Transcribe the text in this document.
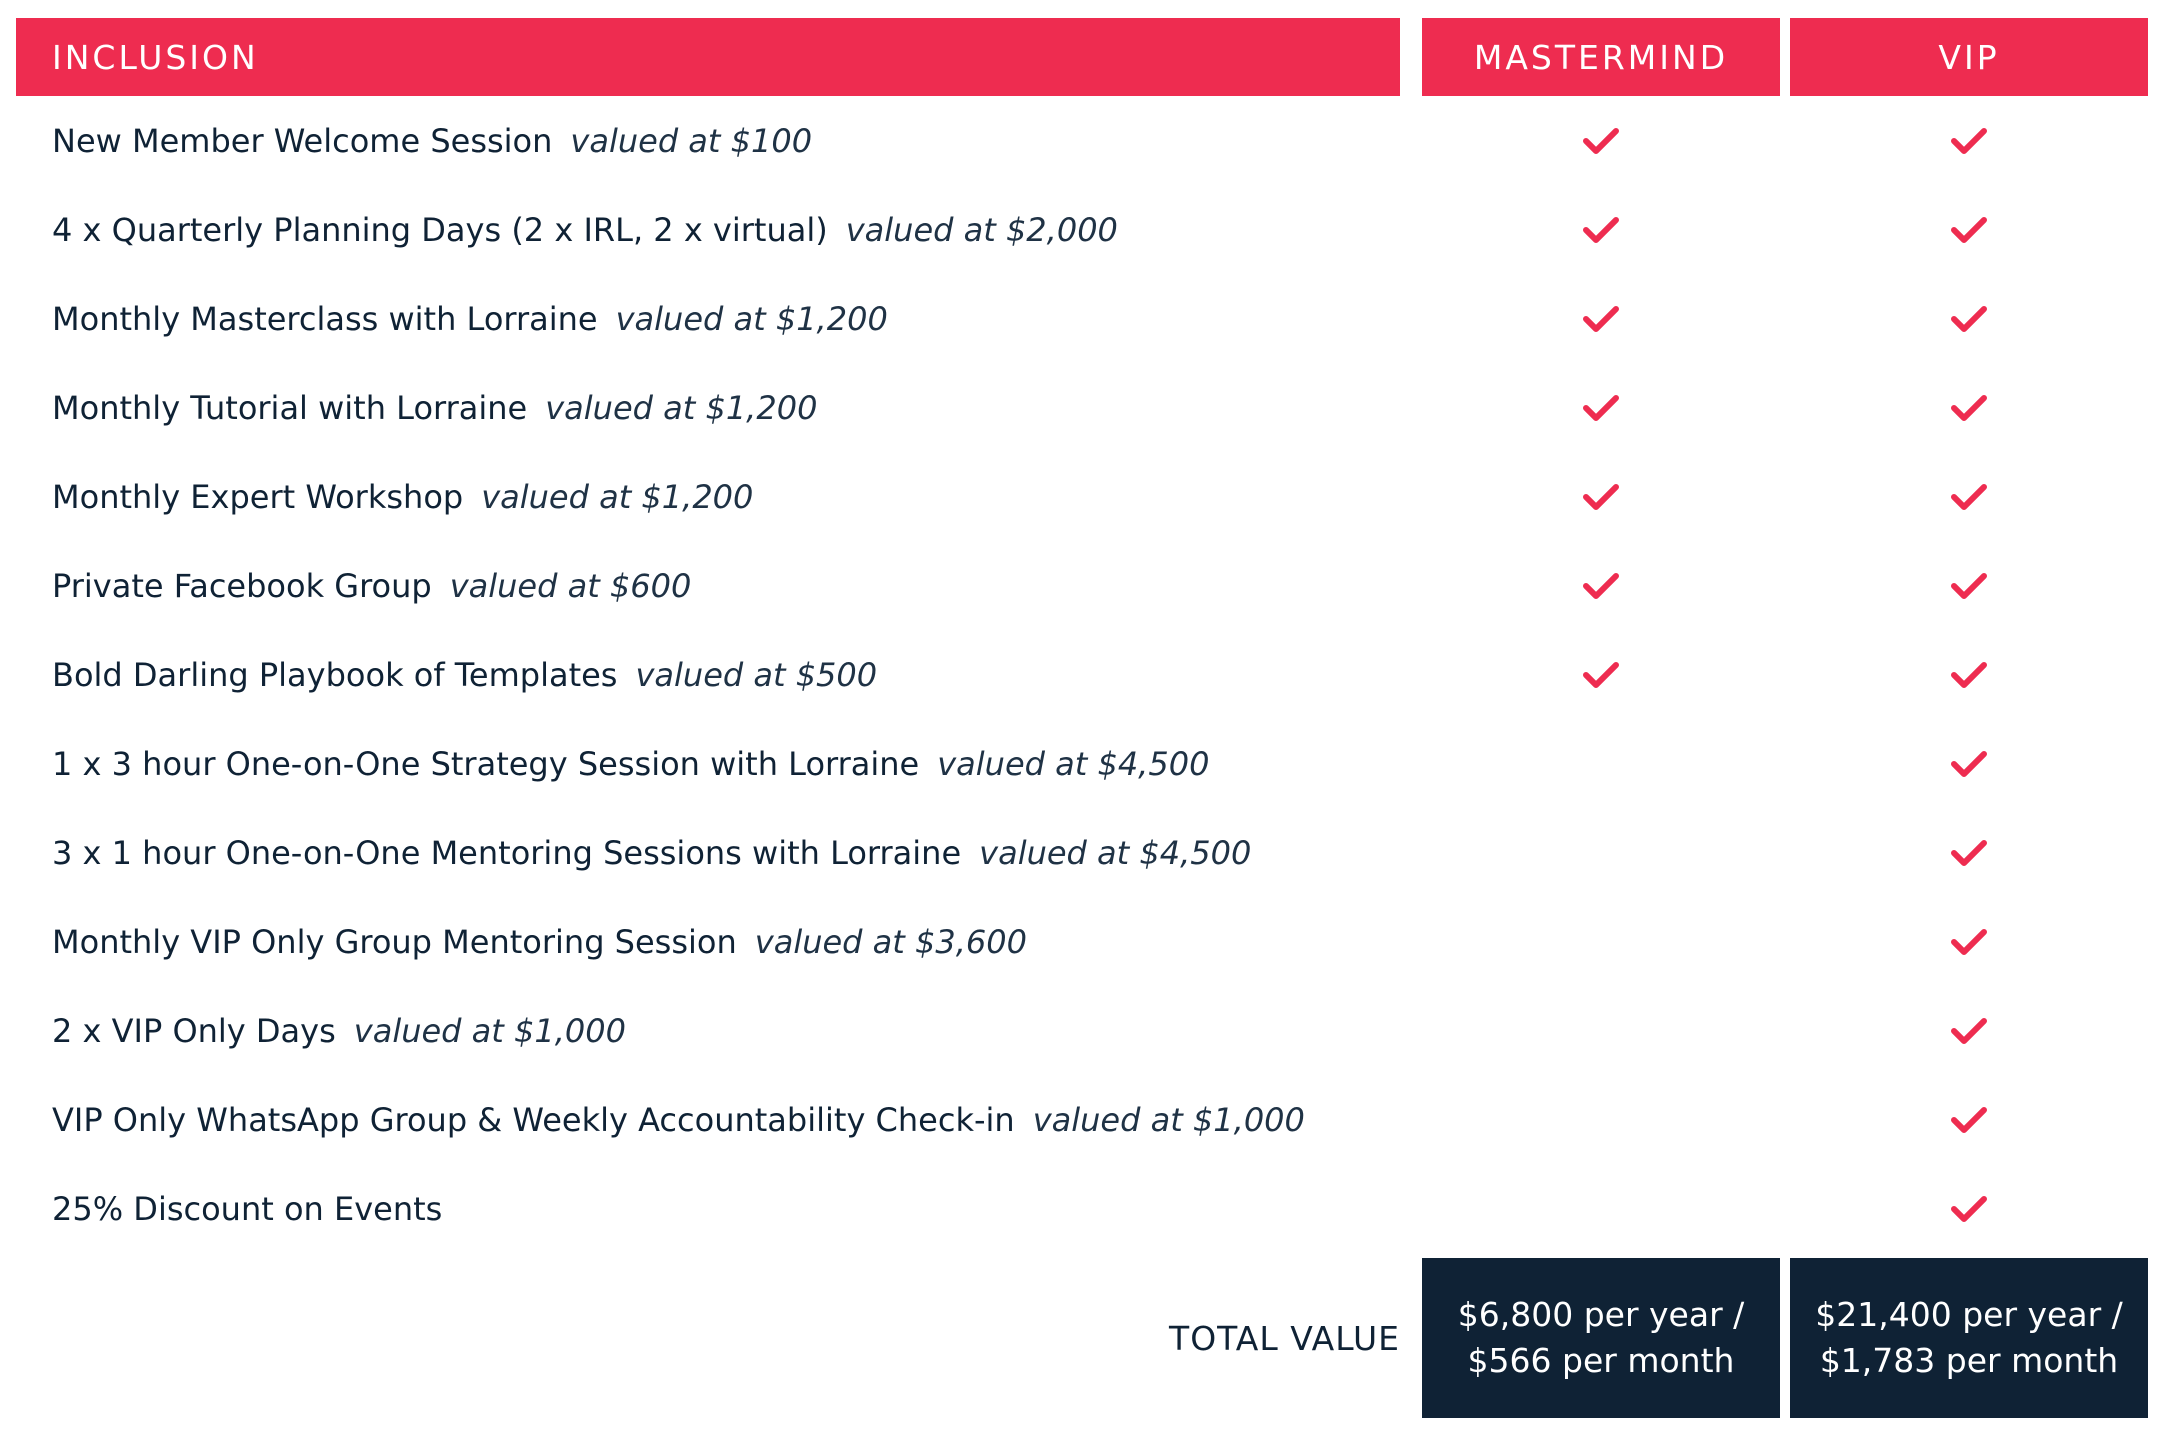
INCLUSION	MASTERMIND	VIP
New Member Welcome Session valued at $100
4 x Quarterly Planning Days (2 x IRL, 2 x virtual) valued at $2,000
Monthly Masterclass with Lorraine valued at $1,200
Monthly Tutorial with Lorraine valued at $1,200
Monthly Expert Workshop valued at $1,200
Private Facebook Group valued at $600
Bold Darling Playbook of Templates valued at $500
1 x 3 hour One-on-One Strategy Session with Lorraine valued at $4,500
3 x 1 hour One-on-One Mentoring Sessions with Lorraine valued at $4,500
Monthly VIP Only Group Mentoring Session valued at $3,600
2 x VIP Only Days valued at $1,000
VIP Only WhatsApp Group & Weekly Accountability Check-in valued at $1,000
25% Discount on Events
TOTAL VALUE
$6,800 per year /
$566 per month
$21,400 per year /
$1,783 per month
